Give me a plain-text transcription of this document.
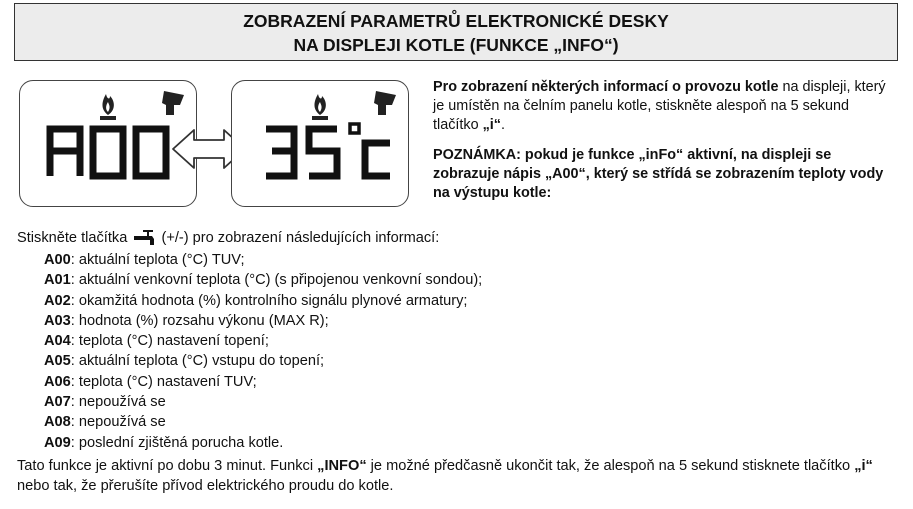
ZOBRAZENÍ PARAMETRŮ ELEKTRONICKÉ DESKY
NA DISPLEJI KOTLE (FUNKCE „INFO“)

Pro zobrazení některých informací o provozu kotle na displeji, který je umístěn na čelním panelu kotle, stiskněte alespoň na 5 sekund tlačítko „i“.

POZNÁMKA: pokud je funkce „inFo“ aktivní, na displeji se zobrazuje nápis „A00“, který se střídá se zobrazením teploty vody na výstupu kotle:

Stiskněte tlačítka (+/-) pro zobrazení následujících informací:
A00: aktuální teplota (°C) TUV;
A01: aktuální venkovní teplota (°C) (s připojenou venkovní sondou);
A02: okamžitá hodnota (%) kontrolního signálu plynové armatury;
A03: hodnota (%) rozsahu výkonu (MAX R);
A04: teplota (°C) nastavení topení;
A05: aktuální teplota (°C) vstupu do topení;
A06: teplota (°C) nastavení TUV;
A07: nepoužívá se
A08: nepoužívá se
A09: poslední zjištěná porucha kotle.
Tato funkce je aktivní po dobu 3 minut. Funkci „INFO“ je možné předčasně ukončit tak, že alespoň na 5 sekund stisknete tlačítko „i“ nebo tak, že přerušíte přívod elektrického proudu do kotle.
